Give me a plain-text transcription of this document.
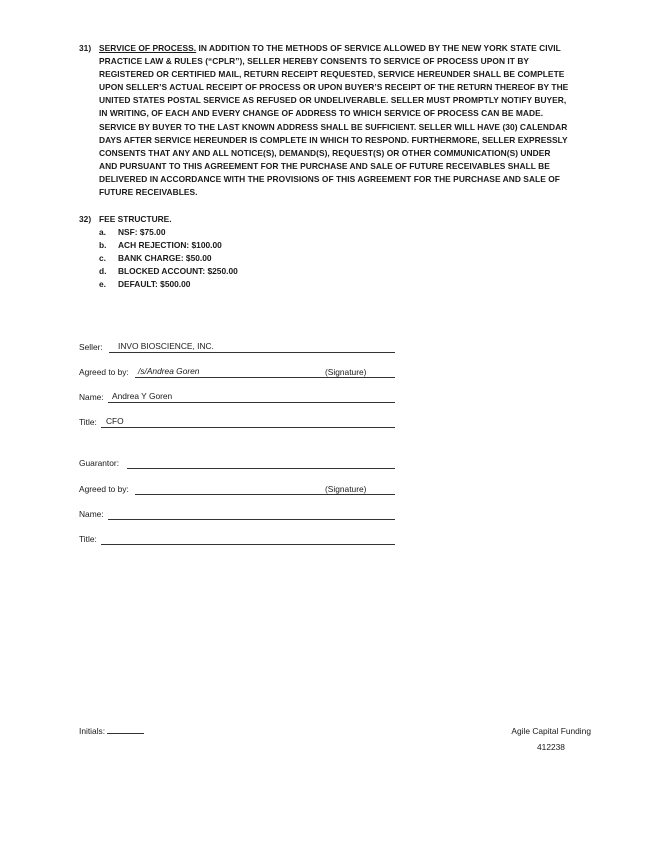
31) SERVICE OF PROCESS. IN ADDITION TO THE METHODS OF SERVICE ALLOWED BY THE NEW YORK STATE CIVIL
PRACTICE LAW & RULES (“CPLR”), SELLER HEREBY CONSENTS TO SERVICE OF PROCESS UPON IT BY
REGISTERED OR CERTIFIED MAIL, RETURN RECEIPT REQUESTED, SERVICE HEREUNDER SHALL BE COMPLETE
UPON SELLER’S ACTUAL RECEIPT OF PROCESS OR UPON BUYER’S RECEIPT OF THE RETURN THEREOF BY THE
UNITED STATES POSTAL SERVICE AS REFUSED OR UNDELIVERABLE. SELLER MUST PROMPTLY NOTIFY BUYER,
IN WRITING, OF EACH AND EVERY CHANGE OF ADDRESS TO WHICH SERVICE OF PROCESS CAN BE MADE.
SERVICE BY BUYER TO THE LAST KNOWN ADDRESS SHALL BE SUFFICIENT. SELLER WILL HAVE (30) CALENDAR
DAYS AFTER SERVICE HEREUNDER IS COMPLETE IN WHICH TO RESPOND. FURTHERMORE, SELLER EXPRESSLY
CONSENTS THAT ANY AND ALL NOTICE(S), DEMAND(S), REQUEST(S) OR OTHER COMMUNICATION(S) UNDER
AND PURSUANT TO THIS AGREEMENT FOR THE PURCHASE AND SALE OF FUTURE RECEIVABLES SHALL BE
DELIVERED IN ACCORDANCE WITH THE PROVISIONS OF THIS AGREEMENT FOR THE PURCHASE AND SALE OF
FUTURE RECEIVABLES.
32) FEE STRUCTURE.
a. NSF: $75.00
b. ACH REJECTION: $100.00
c. BANK CHARGE: $50.00
d. BLOCKED ACCOUNT: $250.00
e. DEFAULT: $500.00
Seller: INVO BIOSCIENCE, INC.
Agreed to by: /s/Andrea Goren	(Signature)
Name: Andrea Y Goren
Title: CFO
Guarantor:
Agreed to by:	(Signature)
Name:
Title:
Initials:	Agile Capital Funding
412238
